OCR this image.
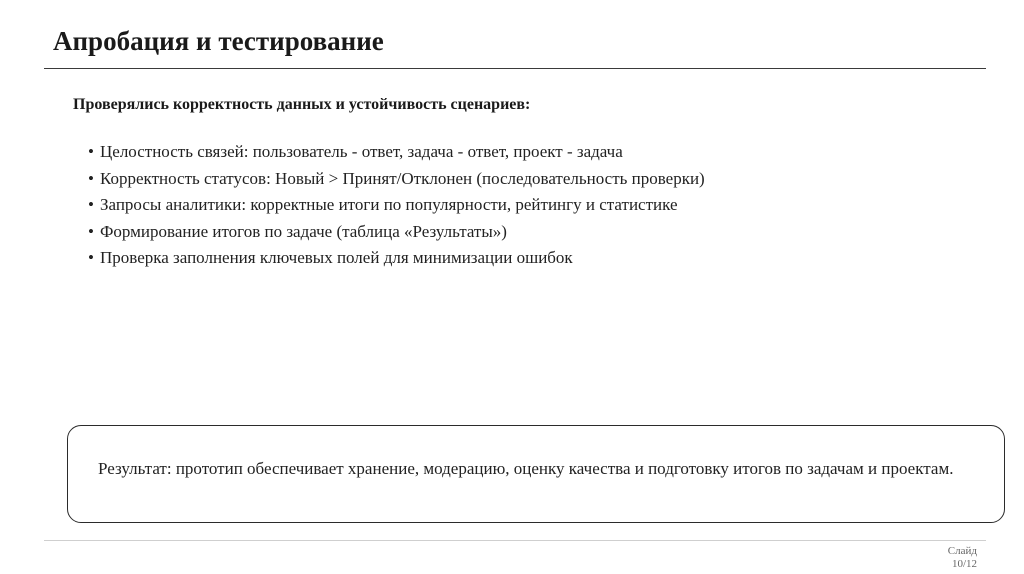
Апробация и тестирование
Проверялись корректность данных и устойчивость сценариев:
• Целостность связей: пользователь - ответ, задача - ответ, проект - задача
• Корректность статусов: Новый > Принят/Отклонен (последовательность проверки)
• Запросы аналитики: корректные итоги по популярности, рейтингу и статистике
• Формирование итогов по задаче (таблица «Результаты»)
• Проверка заполнения ключевых полей для минимизации ошибок
Результат: прототип обеспечивает хранение, модерацию, оценку качества и подготовку итогов по задачам и проектам.
Слайд
10/12
